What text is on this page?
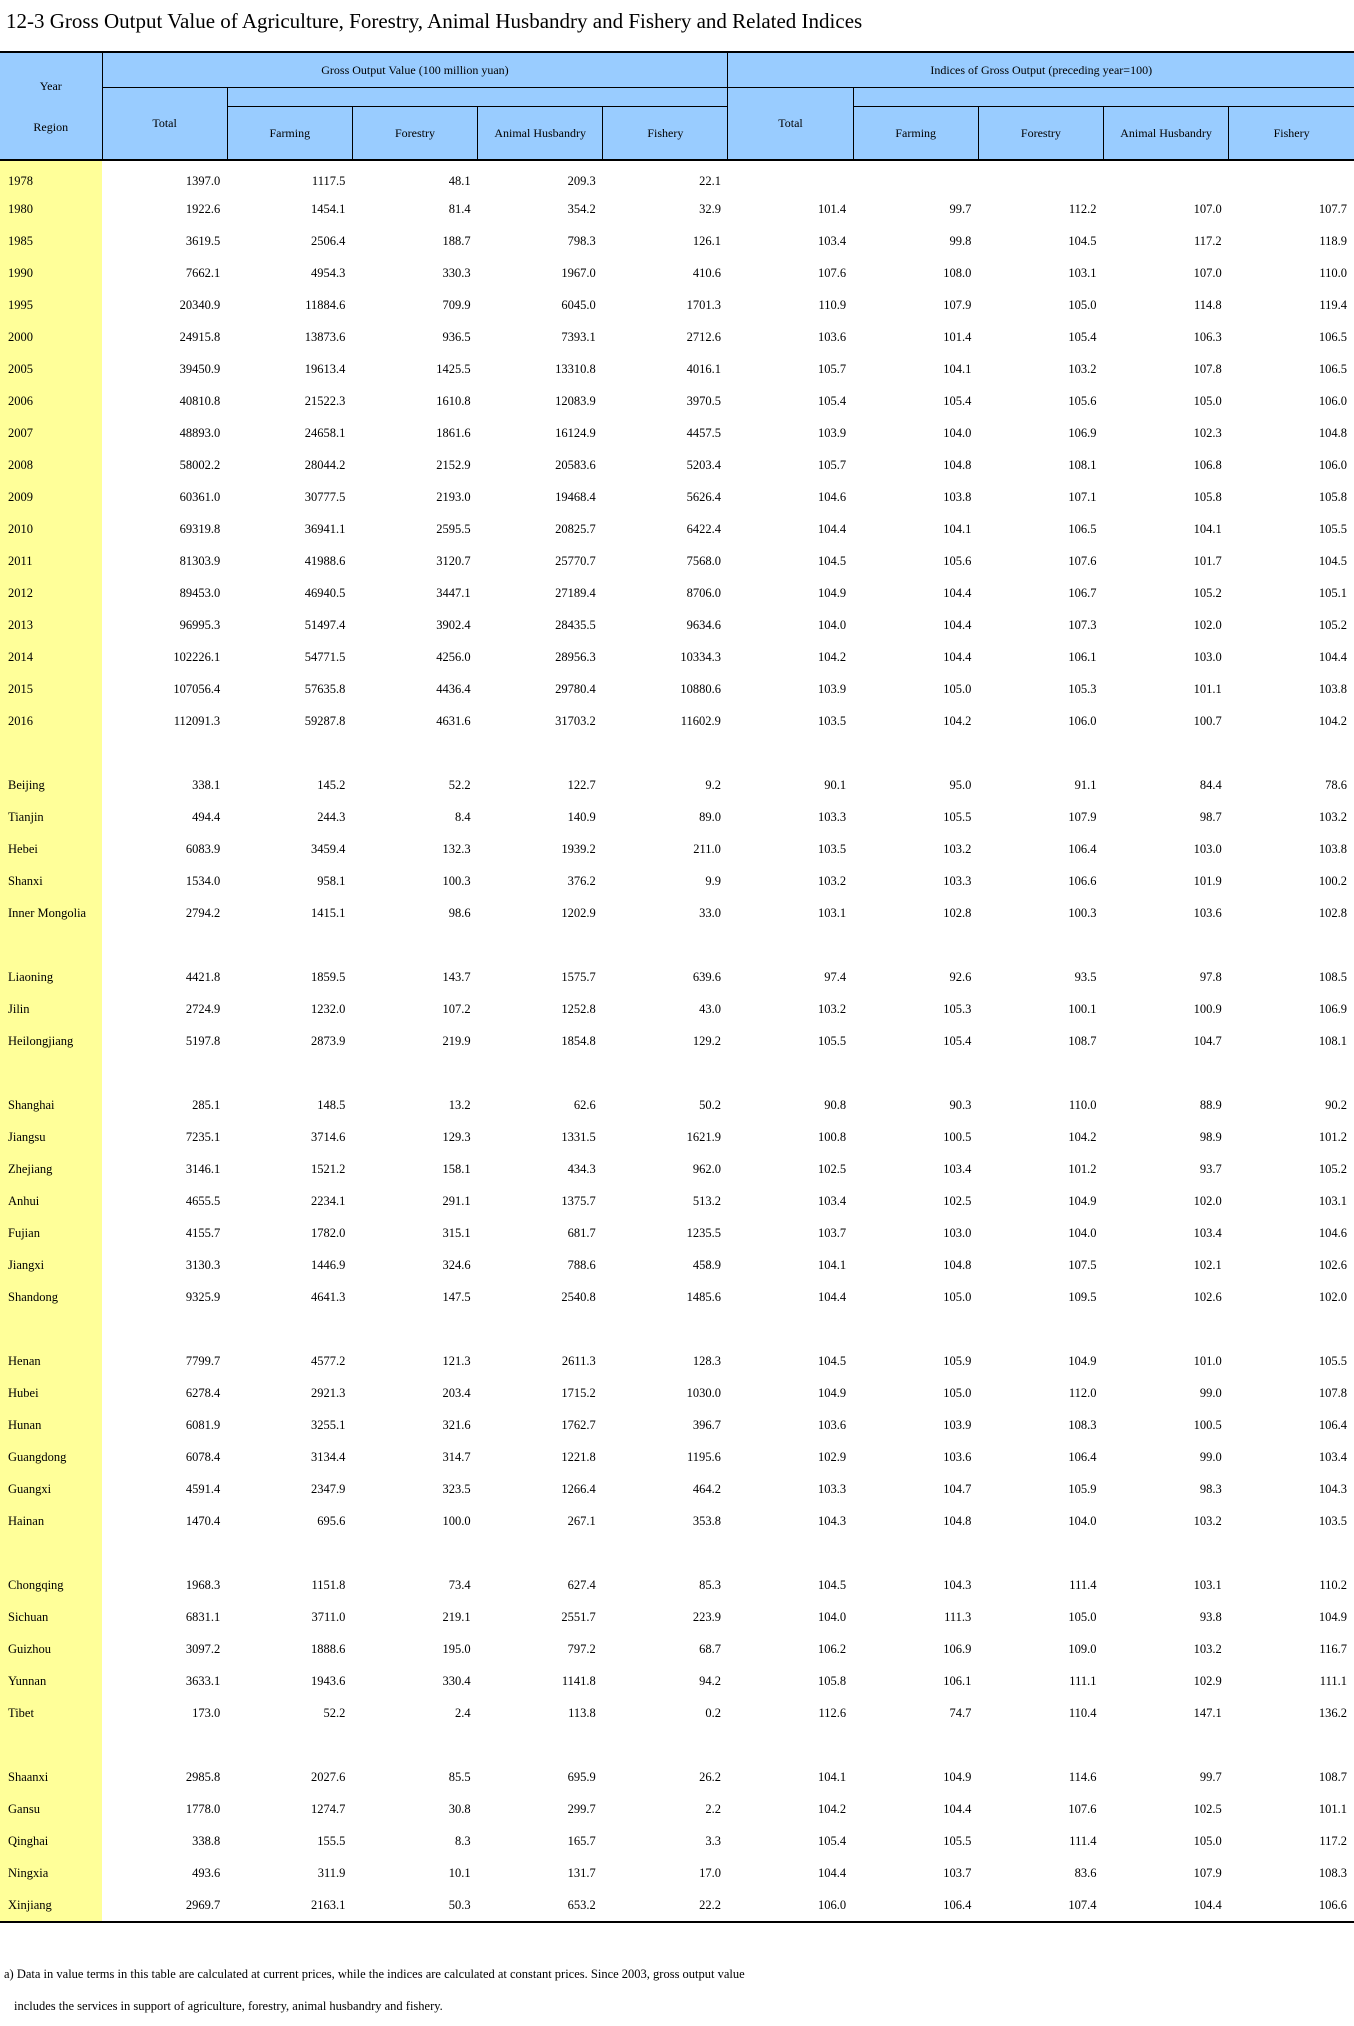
12-3 Gross Output Value of Agriculture, Forestry, Animal Husbandry and Fishery and Related Indices
Year
Region	Gross Output Value (100 million yuan)					Indices of Gross Output (preceding year=100)				
	Total					Total				
		Farming	Forestry	Animal Husbandry	Fishery		Farming	Forestry	Animal Husbandry	Fishery
1978	1397.0	1117.5	48.1	209.3	22.1					
1980	1922.6	1454.1	81.4	354.2	32.9	101.4	99.7	112.2	107.0	107.7
1985	3619.5	2506.4	188.7	798.3	126.1	103.4	99.8	104.5	117.2	118.9
1990	7662.1	4954.3	330.3	1967.0	410.6	107.6	108.0	103.1	107.0	110.0
1995	20340.9	11884.6	709.9	6045.0	1701.3	110.9	107.9	105.0	114.8	119.4
2000	24915.8	13873.6	936.5	7393.1	2712.6	103.6	101.4	105.4	106.3	106.5
2005	39450.9	19613.4	1425.5	13310.8	4016.1	105.7	104.1	103.2	107.8	106.5
2006	40810.8	21522.3	1610.8	12083.9	3970.5	105.4	105.4	105.6	105.0	106.0
2007	48893.0	24658.1	1861.6	16124.9	4457.5	103.9	104.0	106.9	102.3	104.8
2008	58002.2	28044.2	2152.9	20583.6	5203.4	105.7	104.8	108.1	106.8	106.0
2009	60361.0	30777.5	2193.0	19468.4	5626.4	104.6	103.8	107.1	105.8	105.8
2010	69319.8	36941.1	2595.5	20825.7	6422.4	104.4	104.1	106.5	104.1	105.5
2011	81303.9	41988.6	3120.7	25770.7	7568.0	104.5	105.6	107.6	101.7	104.5
2012	89453.0	46940.5	3447.1	27189.4	8706.0	104.9	104.4	106.7	105.2	105.1
2013	96995.3	51497.4	3902.4	28435.5	9634.6	104.0	104.4	107.3	102.0	105.2
2014	102226.1	54771.5	4256.0	28956.3	10334.3	104.2	104.4	106.1	103.0	104.4
2015	107056.4	57635.8	4436.4	29780.4	10880.6	103.9	105.0	105.3	101.1	103.8
2016	112091.3	59287.8	4631.6	31703.2	11602.9	103.5	104.2	106.0	100.7	104.2

Beijing	338.1	145.2	52.2	122.7	9.2	90.1	95.0	91.1	84.4	78.6
Tianjin	494.4	244.3	8.4	140.9	89.0	103.3	105.5	107.9	98.7	103.2
Hebei	6083.9	3459.4	132.3	1939.2	211.0	103.5	103.2	106.4	103.0	103.8
Shanxi	1534.0	958.1	100.3	376.2	9.9	103.2	103.3	106.6	101.9	100.2
Inner Mongolia	2794.2	1415.1	98.6	1202.9	33.0	103.1	102.8	100.3	103.6	102.8

Liaoning	4421.8	1859.5	143.7	1575.7	639.6	97.4	92.6	93.5	97.8	108.5
Jilin	2724.9	1232.0	107.2	1252.8	43.0	103.2	105.3	100.1	100.9	106.9
Heilongjiang	5197.8	2873.9	219.9	1854.8	129.2	105.5	105.4	108.7	104.7	108.1

Shanghai	285.1	148.5	13.2	62.6	50.2	90.8	90.3	110.0	88.9	90.2
Jiangsu	7235.1	3714.6	129.3	1331.5	1621.9	100.8	100.5	104.2	98.9	101.2
Zhejiang	3146.1	1521.2	158.1	434.3	962.0	102.5	103.4	101.2	93.7	105.2
Anhui	4655.5	2234.1	291.1	1375.7	513.2	103.4	102.5	104.9	102.0	103.1
Fujian	4155.7	1782.0	315.1	681.7	1235.5	103.7	103.0	104.0	103.4	104.6
Jiangxi	3130.3	1446.9	324.6	788.6	458.9	104.1	104.8	107.5	102.1	102.6
Shandong	9325.9	4641.3	147.5	2540.8	1485.6	104.4	105.0	109.5	102.6	102.0

Henan	7799.7	4577.2	121.3	2611.3	128.3	104.5	105.9	104.9	101.0	105.5
Hubei	6278.4	2921.3	203.4	1715.2	1030.0	104.9	105.0	112.0	99.0	107.8
Hunan	6081.9	3255.1	321.6	1762.7	396.7	103.6	103.9	108.3	100.5	106.4
Guangdong	6078.4	3134.4	314.7	1221.8	1195.6	102.9	103.6	106.4	99.0	103.4
Guangxi	4591.4	2347.9	323.5	1266.4	464.2	103.3	104.7	105.9	98.3	104.3
Hainan	1470.4	695.6	100.0	267.1	353.8	104.3	104.8	104.0	103.2	103.5

Chongqing	1968.3	1151.8	73.4	627.4	85.3	104.5	104.3	111.4	103.1	110.2
Sichuan	6831.1	3711.0	219.1	2551.7	223.9	104.0	111.3	105.0	93.8	104.9
Guizhou	3097.2	1888.6	195.0	797.2	68.7	106.2	106.9	109.0	103.2	116.7
Yunnan	3633.1	1943.6	330.4	1141.8	94.2	105.8	106.1	111.1	102.9	111.1
Tibet	173.0	52.2	2.4	113.8	0.2	112.6	74.7	110.4	147.1	136.2

Shaanxi	2985.8	2027.6	85.5	695.9	26.2	104.1	104.9	114.6	99.7	108.7
Gansu	1778.0	1274.7	30.8	299.7	2.2	104.2	104.4	107.6	102.5	101.1
Qinghai	338.8	155.5	8.3	165.7	3.3	105.4	105.5	111.4	105.0	117.2
Ningxia	493.6	311.9	10.1	131.7	17.0	104.4	103.7	83.6	107.9	108.3
Xinjiang	2969.7	2163.1	50.3	653.2	22.2	106.0	106.4	107.4	104.4	106.6
a) Data in value terms in this table are calculated at current prices, while the indices are calculated at constant prices. Since 2003, gross output value
includes the services in support of agriculture, forestry, animal husbandry and fishery.
